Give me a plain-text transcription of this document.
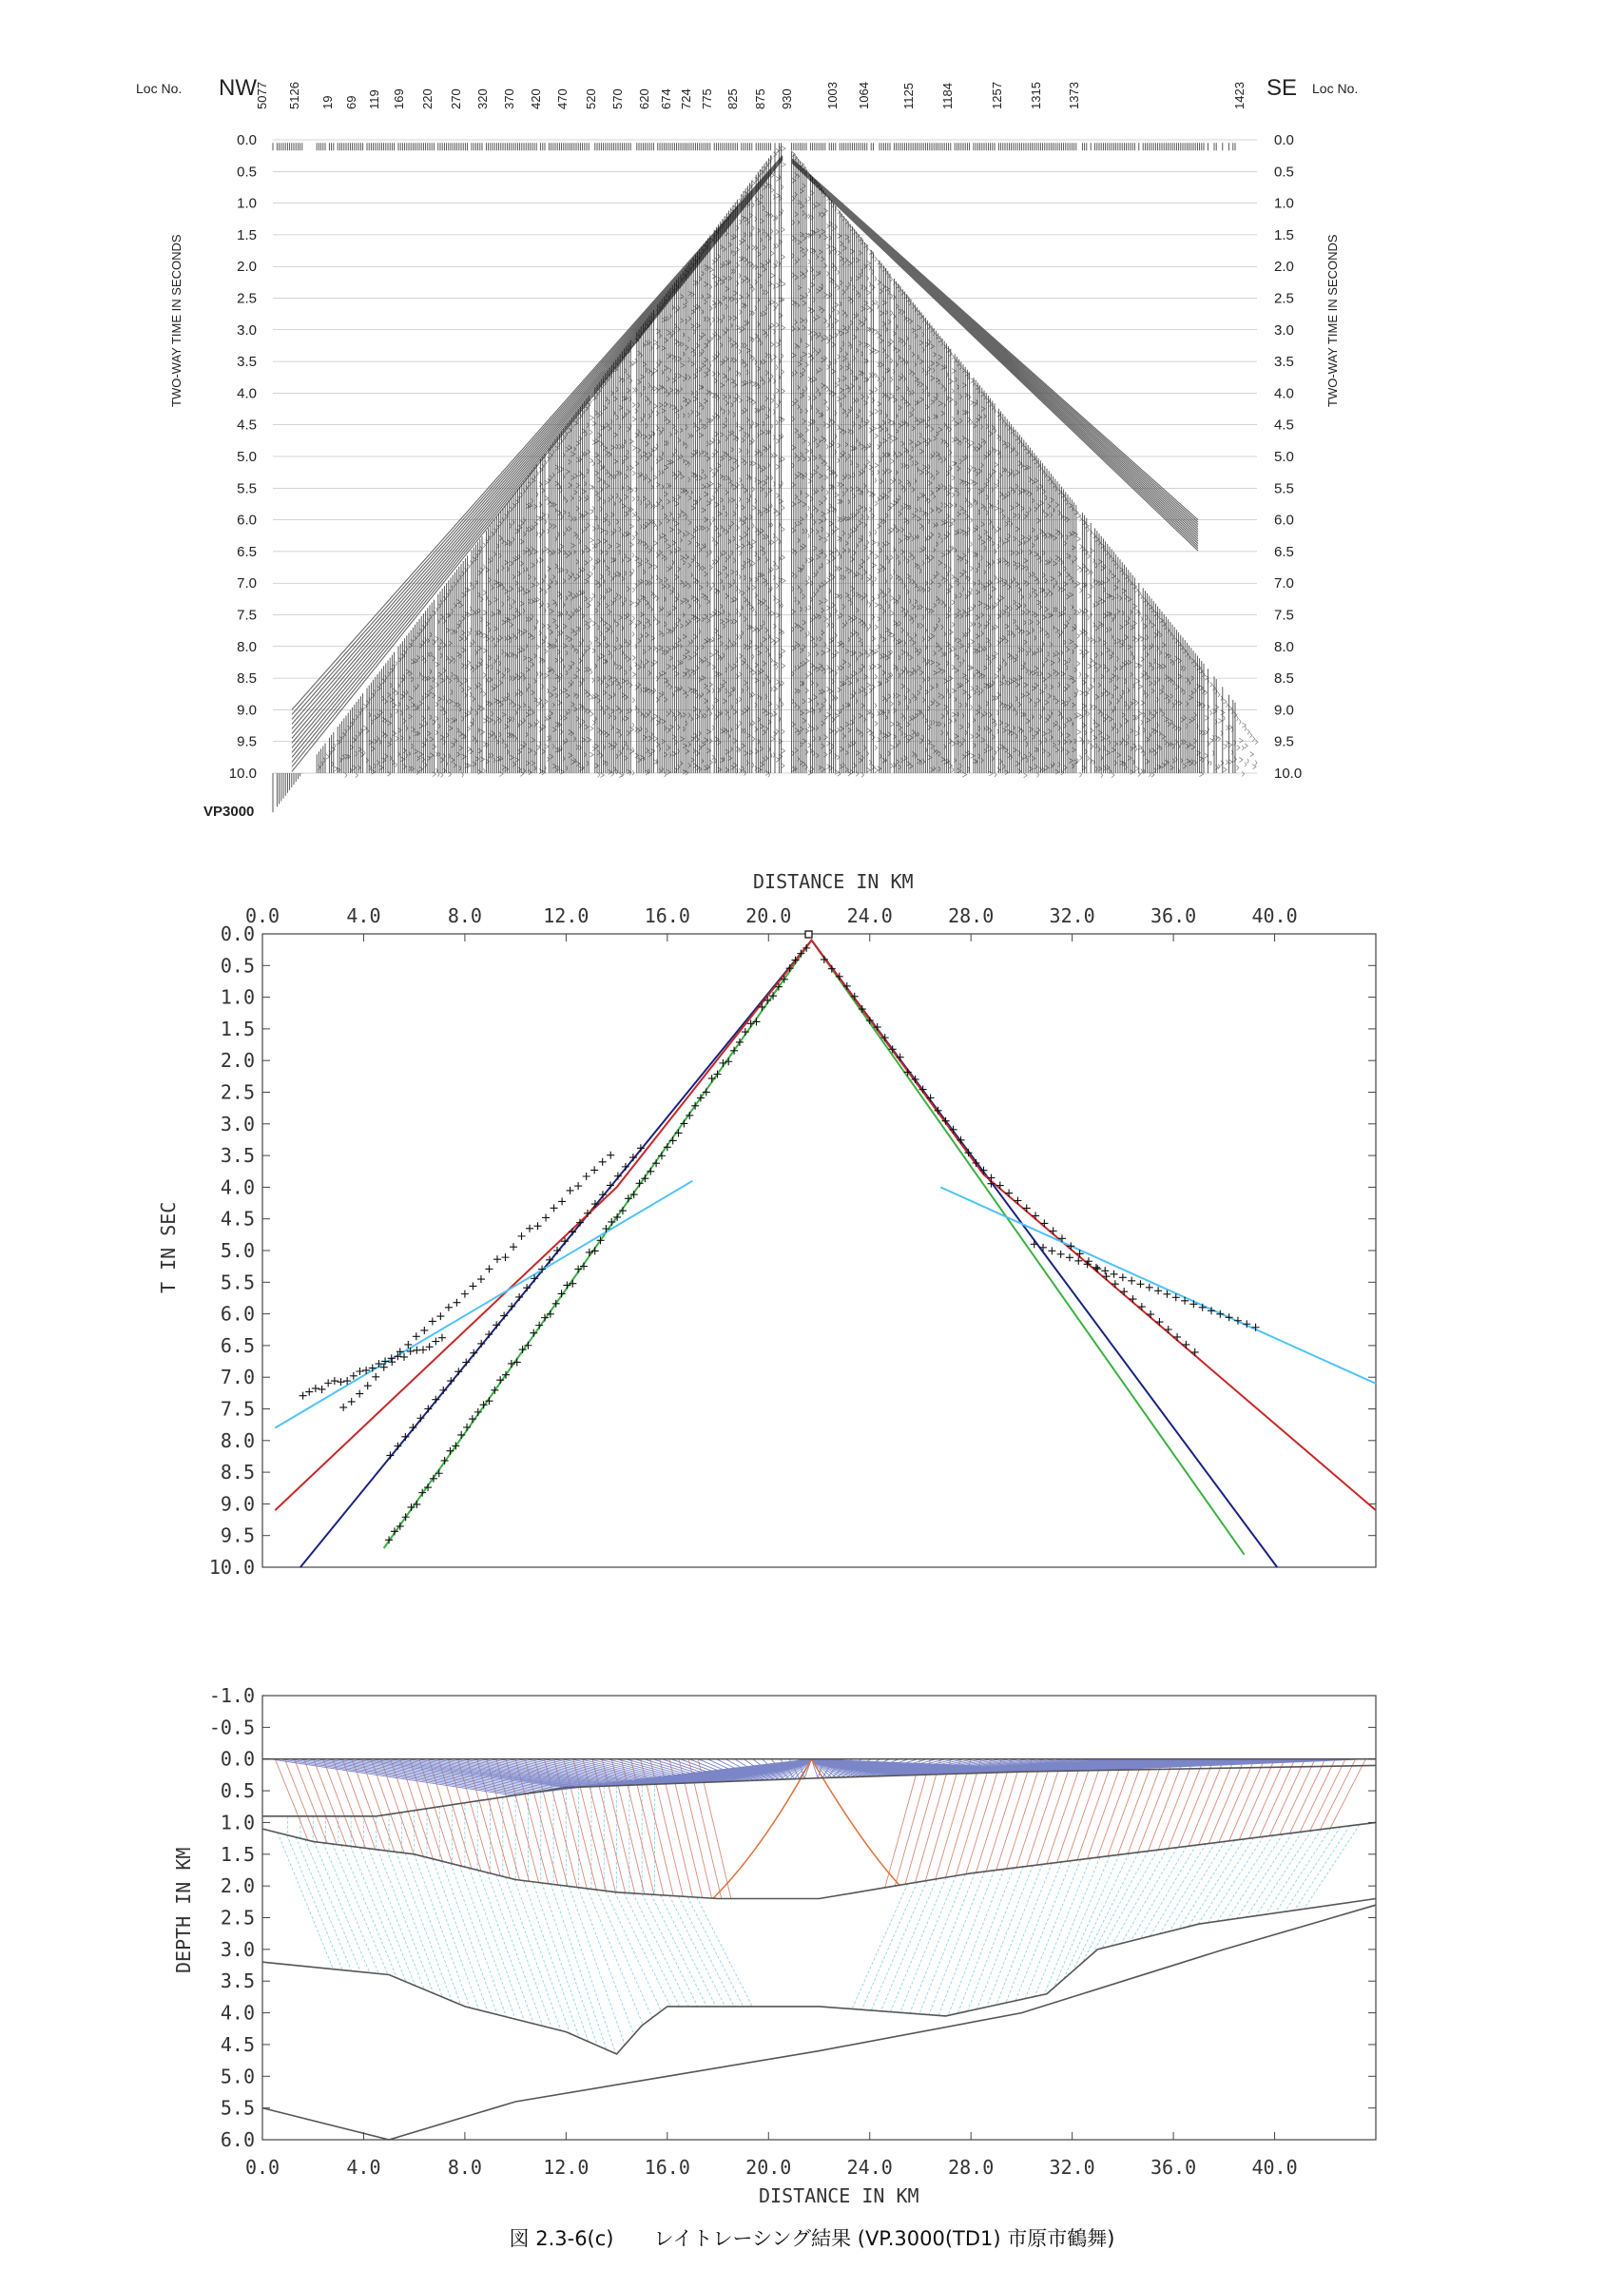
Loc No. NW	SE Loc No.
5077 5126 19 69 119 169 220 270 320 370 420 470 520 570 620 674 724 775 825 875 930	1003 1064 1125 1184	1257 1315 1373	1423
0.0
0.5
1.0
1.5
2.0
2.5
3.0
3.5
4.0
4.5
5.0
5.5
6.0
6.5
7.0
7.5
8.0
8.5
9.0
9.5
10.0
0.0
0.5
1.0
1.5
2.0
2.5
3.0
3.5
4.0
4.5
5.0
5.5
6.0
6.5
7.0
7.5
8.0
8.5
9.0
9.5
10.0
TWO-WAY TIME IN SECONDS	TWO-WAY TIME IN SECONDS
VP3000
DISTANCE IN KM
0.0	4.0	8.0	12.0	16.0	20.0	24.0	28.0	32.0	36.0	40.0
0.0
0.5
1.0
1.5
2.0
2.5
3.0
3.5
4.0
4.5
5.0
5.5
6.0
6.5
7.0
7.5
8.0
8.5
9.0
9.5
10.0
T IN SEC
0.0	4.0	8.0	12.0	16.0	20.0	24.0	28.0	32.0	36.0	40.0
-1.0
-0.5
0.0
0.5
1.0
1.5
2.0
2.5
3.0
3.5
4.0
4.5
5.0
5.5
6.0
DISTANCE IN KM
DEPTH IN KM
図 2.3-6(c)　　レイトレーシング結果 (VP.3000(TD1) 市原市鶴舞)
